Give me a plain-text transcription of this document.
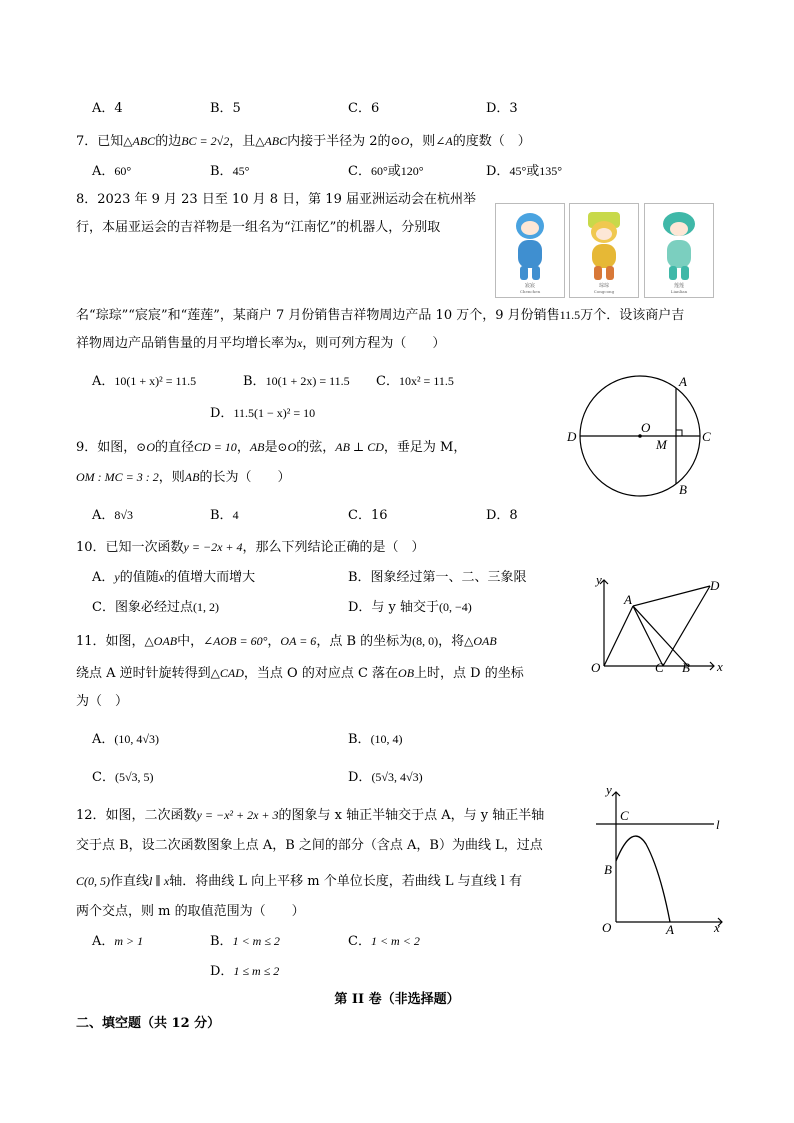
A．4	B．5	C．6	D．3
7．已知△ABC的边BC = 2√2，且△ABC内接于半径为 2的⊙O，则∠A的度数（　）
A．60°	B．45°	C．60°或120°	D．45°或135°
8．2023 年 9 月 23 日至 10 月 8 日，第 19 届亚洲运动会在杭州举
行，本届亚运会的吉祥物是一组名为“江南忆”的机器人，分别取
宸宸
Chenchen
琮琮
Congcong
莲莲
Lianlian
名“琮琮”“宸宸”和“莲莲”，某商户 7 月份销售吉祥物周边产品 10 万个，9 月份销售11.5万个．设该商户吉
祥物周边产品销售量的月平均增长率为x，则可列方程为（　　）
A．10(1 + x)² = 11.5	B．10(1 + 2x) = 11.5 C．10x² = 11.5
D．11.5(1 − x)² = 10
A
B
C
D
O
M
9．如图，⊙O的直径CD = 10，AB是⊙O的弦，AB ⊥ CD，垂足为 M，
OM : MC = 3 : 2，则AB的长为（　　）
A．8√3	B．4	C．16	D．8
10．已知一次函数y = −2x + 4，那么下列结论正确的是（　）
A．y的值随x的值增大而增大	B．图象经过第一、二、三象限
C．图象必经过点(1, 2)	D．与 y 轴交于(0, −4)
y
x
A
D
O	C B
11．如图，△OAB中，∠AOB = 60°，OA = 6，点 B 的坐标为(8, 0)，将△OAB
绕点 A 逆时针旋转得到△CAD，当点 O 的对应点 C 落在OB上时，点 D 的坐标
为（　）
A．(10, 4√3)	B．(10, 4)
C．(5√3, 5)	D．(5√3, 4√3)
y
C
l
B
O	A	x
12．如图，二次函数y = −x² + 2x + 3的图象与 x 轴正半轴交于点 A，与 y 轴正半轴
交于点 B，设二次函数图象上点 A，B 之间的部分（含点 A，B）为曲线 L，过点
C(0, 5)作直线l ∥ x轴．将曲线 L 向上平移 m 个单位长度，若曲线 L 与直线 l 有
两个交点，则 m 的取值范围为（　　）
A．m > 1	B．1 < m ≤ 2	C．1 < m < 2
D．1 ≤ m ≤ 2
第 II 卷（非选择题）
二、填空题（共 12 分）
